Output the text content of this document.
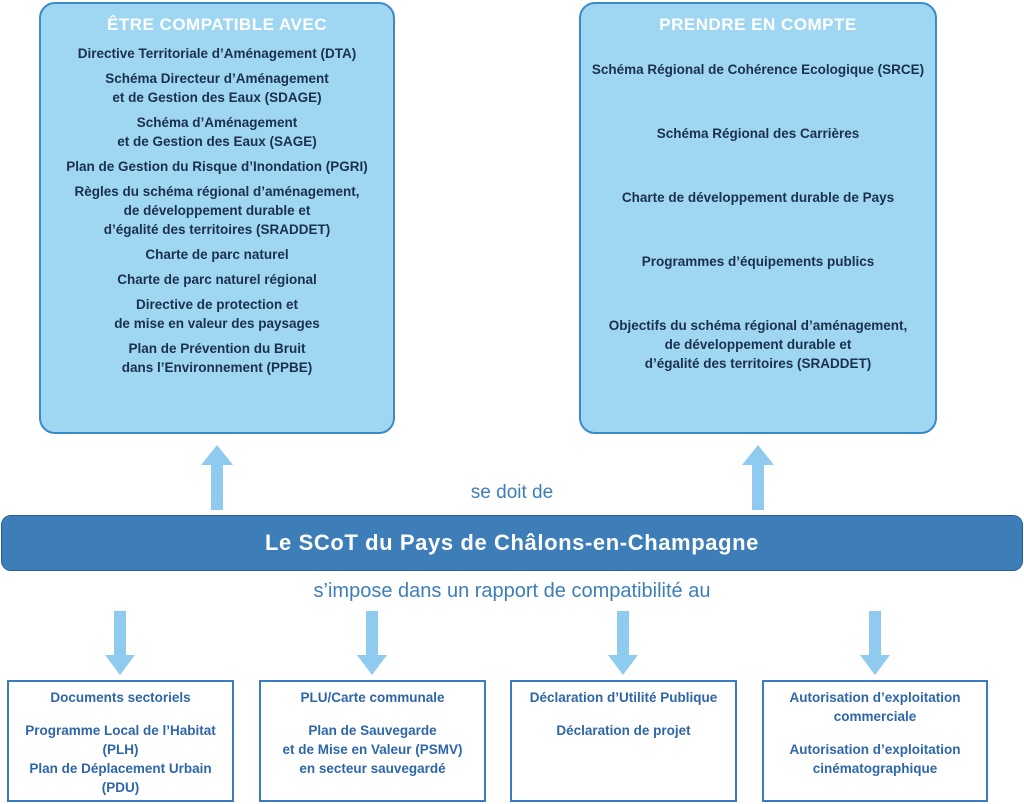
ÊTRE COMPATIBLE AVEC
Directive Territoriale d’Aménagement (DTA)
Schéma Directeur d’Aménagement
et de Gestion des Eaux (SDAGE)
Schéma d’Aménagement
et de Gestion des Eaux (SAGE)
Plan de Gestion du Risque d’Inondation (PGRI)
Règles du schéma régional d’aménagement,
de développement durable et
d’égalité des territoires (SRADDET)
Charte de parc naturel
Charte de parc naturel régional
Directive de protection et
de mise en valeur des paysages
Plan de Prévention du Bruit
dans l’Environnement (PPBE)
PRENDRE EN COMPTE
Schéma Régional de Cohérence Ecologique (SRCE)
Schéma Régional des Carrières
Charte de développement durable de Pays
Programmes d’équipements publics
Objectifs du schéma régional d’aménagement,
de développement durable et
d’égalité des territoires (SRADDET)
se doit de
Le SCoT du Pays de Châlons-en-Champagne
s’impose dans un rapport de compatibilité au
Documents sectoriels
Programme Local de l’Habitat
(PLH)
Plan de Déplacement Urbain
(PDU)
PLU/Carte communale
Plan de Sauvegarde
et de Mise en Valeur (PSMV)
en secteur sauvegardé
Déclaration d’Utilité Publique
Déclaration de projet
Autorisation d’exploitation
commerciale
Autorisation d’exploitation
cinématographique
